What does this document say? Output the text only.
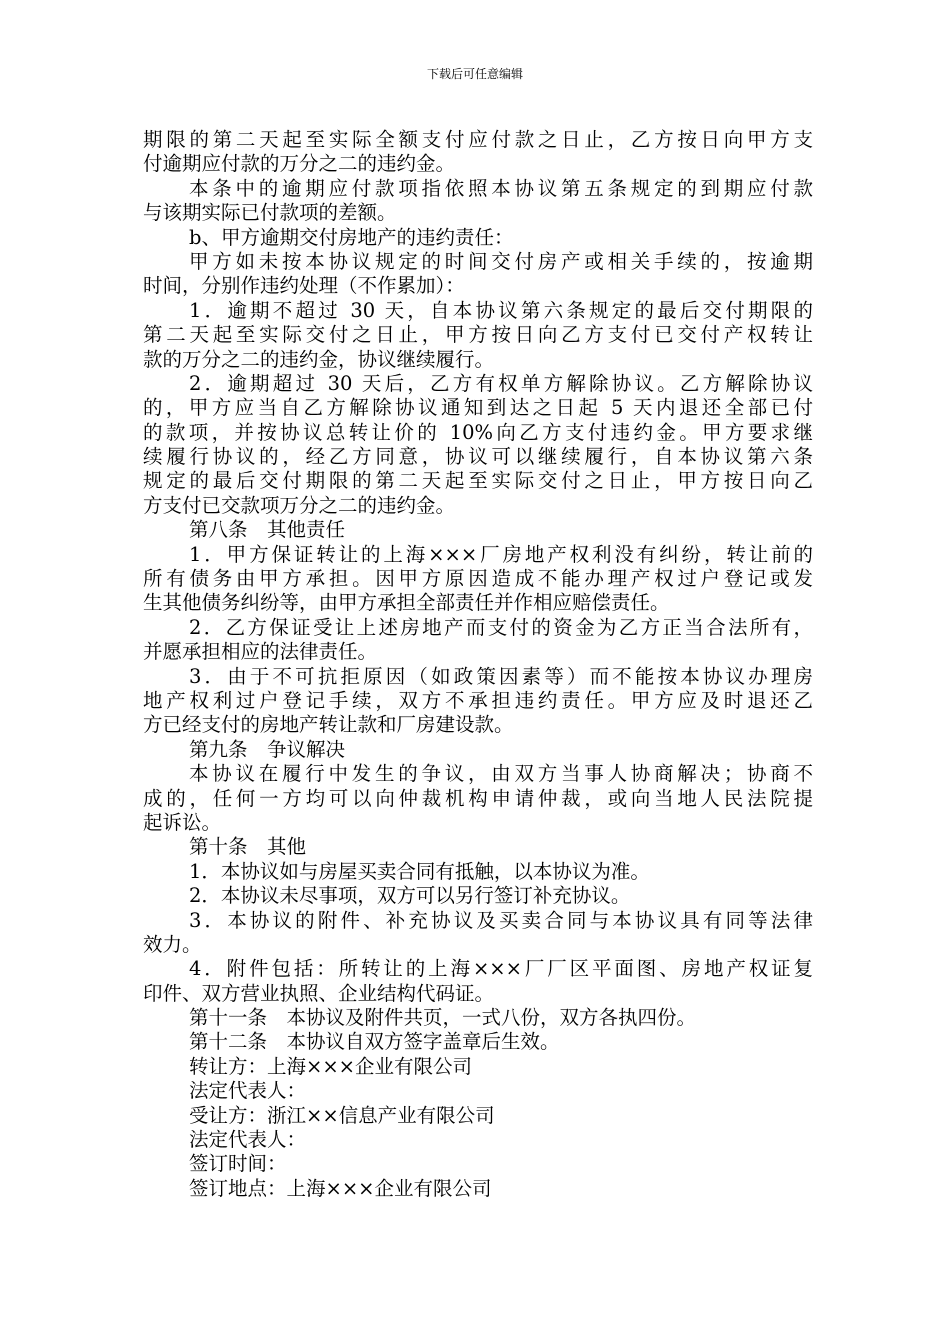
下载后可任意编辑
期限的第二天起至实际全额支付应付款之日止，乙方按日向甲方支
付逾期应付款的万分之二的违约金。
本条中的逾期应付款项指依照本协议第五条规定的到期应付款
与该期实际已付款项的差额。
b、甲方逾期交付房地产的违约责任：
甲方如未按本协议规定的时间交付房产或相关手续的，按逾期
时间，分别作违约处理（不作累加）：
1．逾期不超过 30 天，自本协议第六条规定的最后交付期限的
第二天起至实际交付之日止，甲方按日向乙方支付已交付产权转让
款的万分之二的违约金，协议继续履行。
2．逾期超过 30 天后，乙方有权单方解除协议。乙方解除协议
的，甲方应当自乙方解除协议通知到达之日起 5 天内退还全部已付
的款项，并按协议总转让价的 10%向乙方支付违约金。甲方要求继
续履行协议的，经乙方同意，协议可以继续履行，自本协议第六条
规定的最后交付期限的第二天起至实际交付之日止，甲方按日向乙
方支付已交款项万分之二的违约金。
第八条　其他责任
1．甲方保证转让的上海×××厂房地产权利没有纠纷，转让前的
所有债务由甲方承担。因甲方原因造成不能办理产权过户登记或发
生其他债务纠纷等，由甲方承担全部责任并作相应赔偿责任。
2．乙方保证受让上述房地产而支付的资金为乙方正当合法所有，
并愿承担相应的法律责任。
3．由于不可抗拒原因（如政策因素等）而不能按本协议办理房
地产权利过户登记手续，双方不承担违约责任。甲方应及时退还乙
方已经支付的房地产转让款和厂房建设款。
第九条　争议解决
本协议在履行中发生的争议，由双方当事人协商解决；协商不
成的，任何一方均可以向仲裁机构申请仲裁，或向当地人民法院提
起诉讼。
第十条　其他
1．本协议如与房屋买卖合同有抵触，以本协议为准。
2．本协议未尽事项，双方可以另行签订补充协议。
3．本协议的附件、补充协议及买卖合同与本协议具有同等法律
效力。
4．附件包括：所转让的上海×××厂厂区平面图、房地产权证复
印件、双方营业执照、企业结构代码证。
第十一条　本协议及附件共页，一式八份，双方各执四份。
第十二条　本协议自双方签字盖章后生效。
转让方：上海×××企业有限公司
法定代表人：
受让方：浙江××信息产业有限公司
法定代表人：
签订时间：
签订地点：上海×××企业有限公司
